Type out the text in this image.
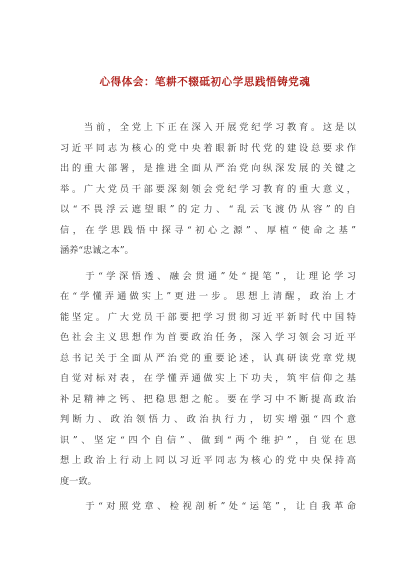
心得体会：笔耕不辍砥初心学思践悟铸党魂

　　当前，全党上下正在深入开展党纪学习教育。这是以
习近平同志为核心的党中央着眼新时代党的建设总要求作
出的重大部署，是推进全面从严治党向纵深发展的关键之
举。广大党员干部要深刻领会党纪学习教育的重大意义，
以“不畏浮云遮望眼”的定力、“乱云飞渡仍从容”的自
信，在学思践悟中探寻“初心之源”、厚植“使命之基”
涵养“忠诚之本”。

　　于“学深悟透、融会贯通”处“提笔”，让理论学习
在“学懂弄通做实上”更进一步。思想上清醒，政治上才
能坚定。广大党员干部要把学习贯彻习近平新时代中国特
色社会主义思想作为首要政治任务，深入学习领会习近平
总书记关于全面从严治党的重要论述，认真研读党章党规
自觉对标对表，在学懂弄通做实上下功夫，筑牢信仰之基
补足精神之钙、把稳思想之舵。要在学习中不断提高政治
判断力、政治领悟力、政治执行力，切实增强“四个意
识”、坚定“四个自信”、做到“两个维护”，自觉在思
想上政治上行动上同以习近平同志为核心的党中央保持高
度一致。

　　于“对照党章、检视剖析”处“运笔”，让自我革命
